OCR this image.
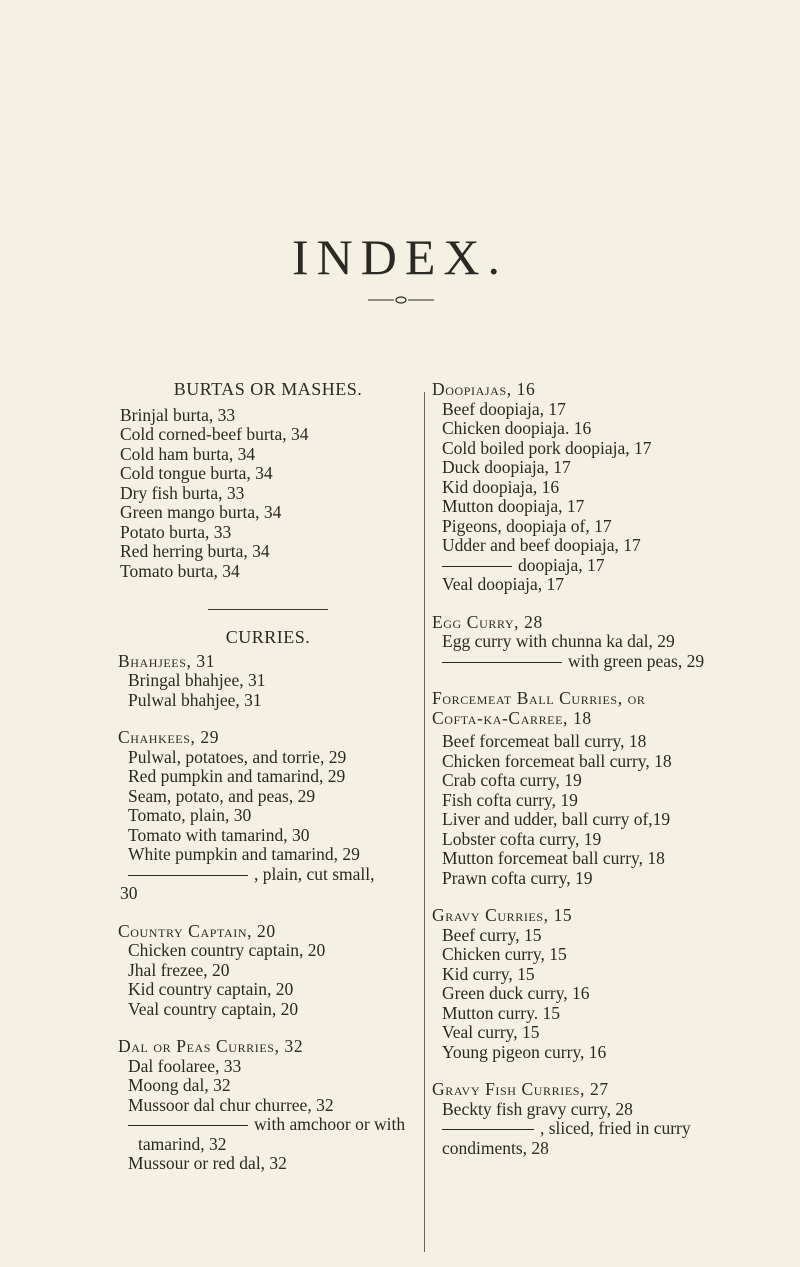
INDEX.

BURTAS OR MASHES.

Brinjal burta, 33

Cold corned-beef burta, 34

Cold ham burta, 34

Cold tongue burta, 34

Dry fish burta, 33

Green mango burta, 34

Potato burta, 33

Red herring burta, 34

Tomato burta, 34

CURRIES.

Bhahjees, 31

Bringal bhahjee, 31

Pulwal bhahjee, 31

Chahkees, 29

Pulwal, potatoes, and torrie, 29

Red pumpkin and tamarind, 29

Seam, potato, and peas, 29

Tomato, plain, 30

Tomato with tamarind, 30

White pumpkin and tamarind, 29

, plain, cut small,

30

Country Captain, 20

Chicken country captain, 20

Jhal frezee, 20

Kid country captain, 20

Veal country captain, 20

Dal or Peas Curries, 32

Dal foolaree, 33

Moong dal, 32

Mussoor dal chur churree, 32

with amchoor or with

tamarind, 32

Mussour or red dal, 32

Doopiajas, 16

Beef doopiaja, 17

Chicken doopiaja. 16

Cold boiled pork doopiaja, 17

Duck doopiaja, 17

Kid doopiaja, 16

Mutton doopiaja, 17

Pigeons, doopiaja of, 17

Udder and beef doopiaja, 17

doopiaja, 17

Veal doopiaja, 17

Egg Curry, 28

Egg curry with chunna ka dal, 29

with green peas, 29

Forcemeat Ball Curries, or

Cofta-ka-Carree, 18

Beef forcemeat ball curry, 18

Chicken forcemeat ball curry, 18

Crab cofta curry, 19

Fish cofta curry, 19

Liver and udder, ball curry of,19

Lobster cofta curry, 19

Mutton forcemeat ball curry, 18

Prawn cofta curry, 19

Gravy Curries, 15

Beef curry, 15

Chicken curry, 15

Kid curry, 15

Green duck curry, 16

Mutton curry. 15

Veal curry, 15

Young pigeon curry, 16

Gravy Fish Curries, 27

Beckty fish gravy curry, 28

, sliced, fried in curry

condiments, 28
